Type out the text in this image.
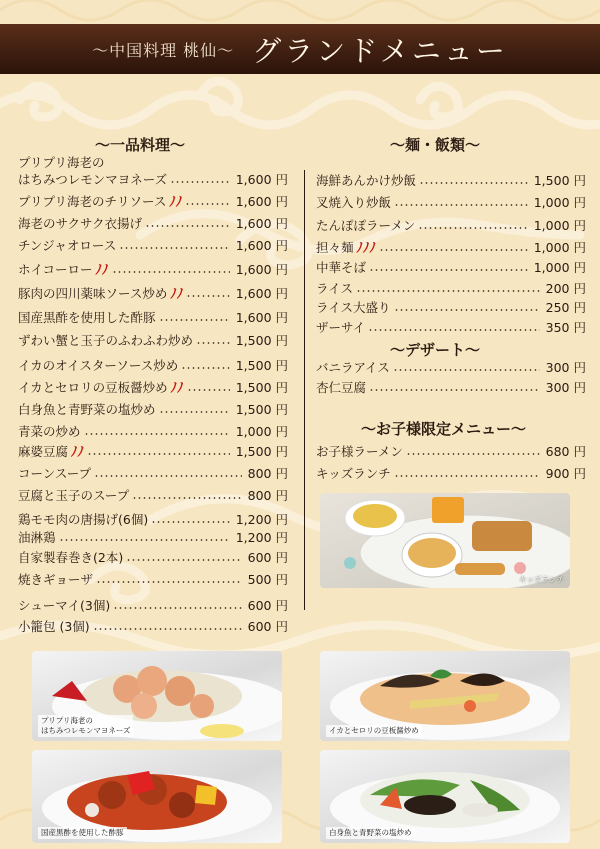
〜中国料理 桃仙〜 グランドメニュー
〜一品料理〜	〜麺・飯類〜
〜デザート〜
〜お子様限定メニュー〜
プリプリ海老の
はちみつレモンマヨネーズ	1,600 円
プリプリ海老のチリソース ﾉﾉ	1,600 円
海老のサクサク衣揚げ	1,600 円
チンジャオロース	1,600 円
ホイコーロー ﾉﾉ	1,600 円
豚肉の四川薬味ソース炒め ﾉﾉ	1,600 円
国産黒酢を使用した酢豚	1,600 円
ずわい蟹と玉子のふわふわ炒め	1,500 円
イカのオイスターソース炒め	1,500 円
イカとセロリの豆板醤炒め ﾉﾉ	1,500 円
白身魚と青野菜の塩炒め	1,500 円
青菜の炒め	1,000 円
麻婆豆腐 ﾉﾉ	1,500 円
コーンスープ	800 円
豆腐と玉子のスープ	800 円
鶏モモ肉の唐揚げ(6個)	1,200 円
油淋鶏	1,200 円
自家製春巻き(2本)	600 円
焼きギョーザ	500 円
シューマイ(3個)	600 円
小籠包 (3個)	600 円
海鮮あんかけ炒飯	1,500 円
叉焼入り炒飯	1,000 円
たんぽぽラーメン	1,000 円
担々麺 ﾉﾉﾉ	1,000 円
中華そば	1,000 円
ライス	200 円
ライス大盛り	250 円
ザーサイ	350 円
バニラアイス	300 円
杏仁豆腐	300 円
お子様ラーメン	680 円
キッズランチ	900 円
キッズランチ
プリプリ海老の
はちみつレモンマヨネーズ	イカとセロリの豆板醤炒め
国産黒酢を使用した酢豚	白身魚と青野菜の塩炒め
